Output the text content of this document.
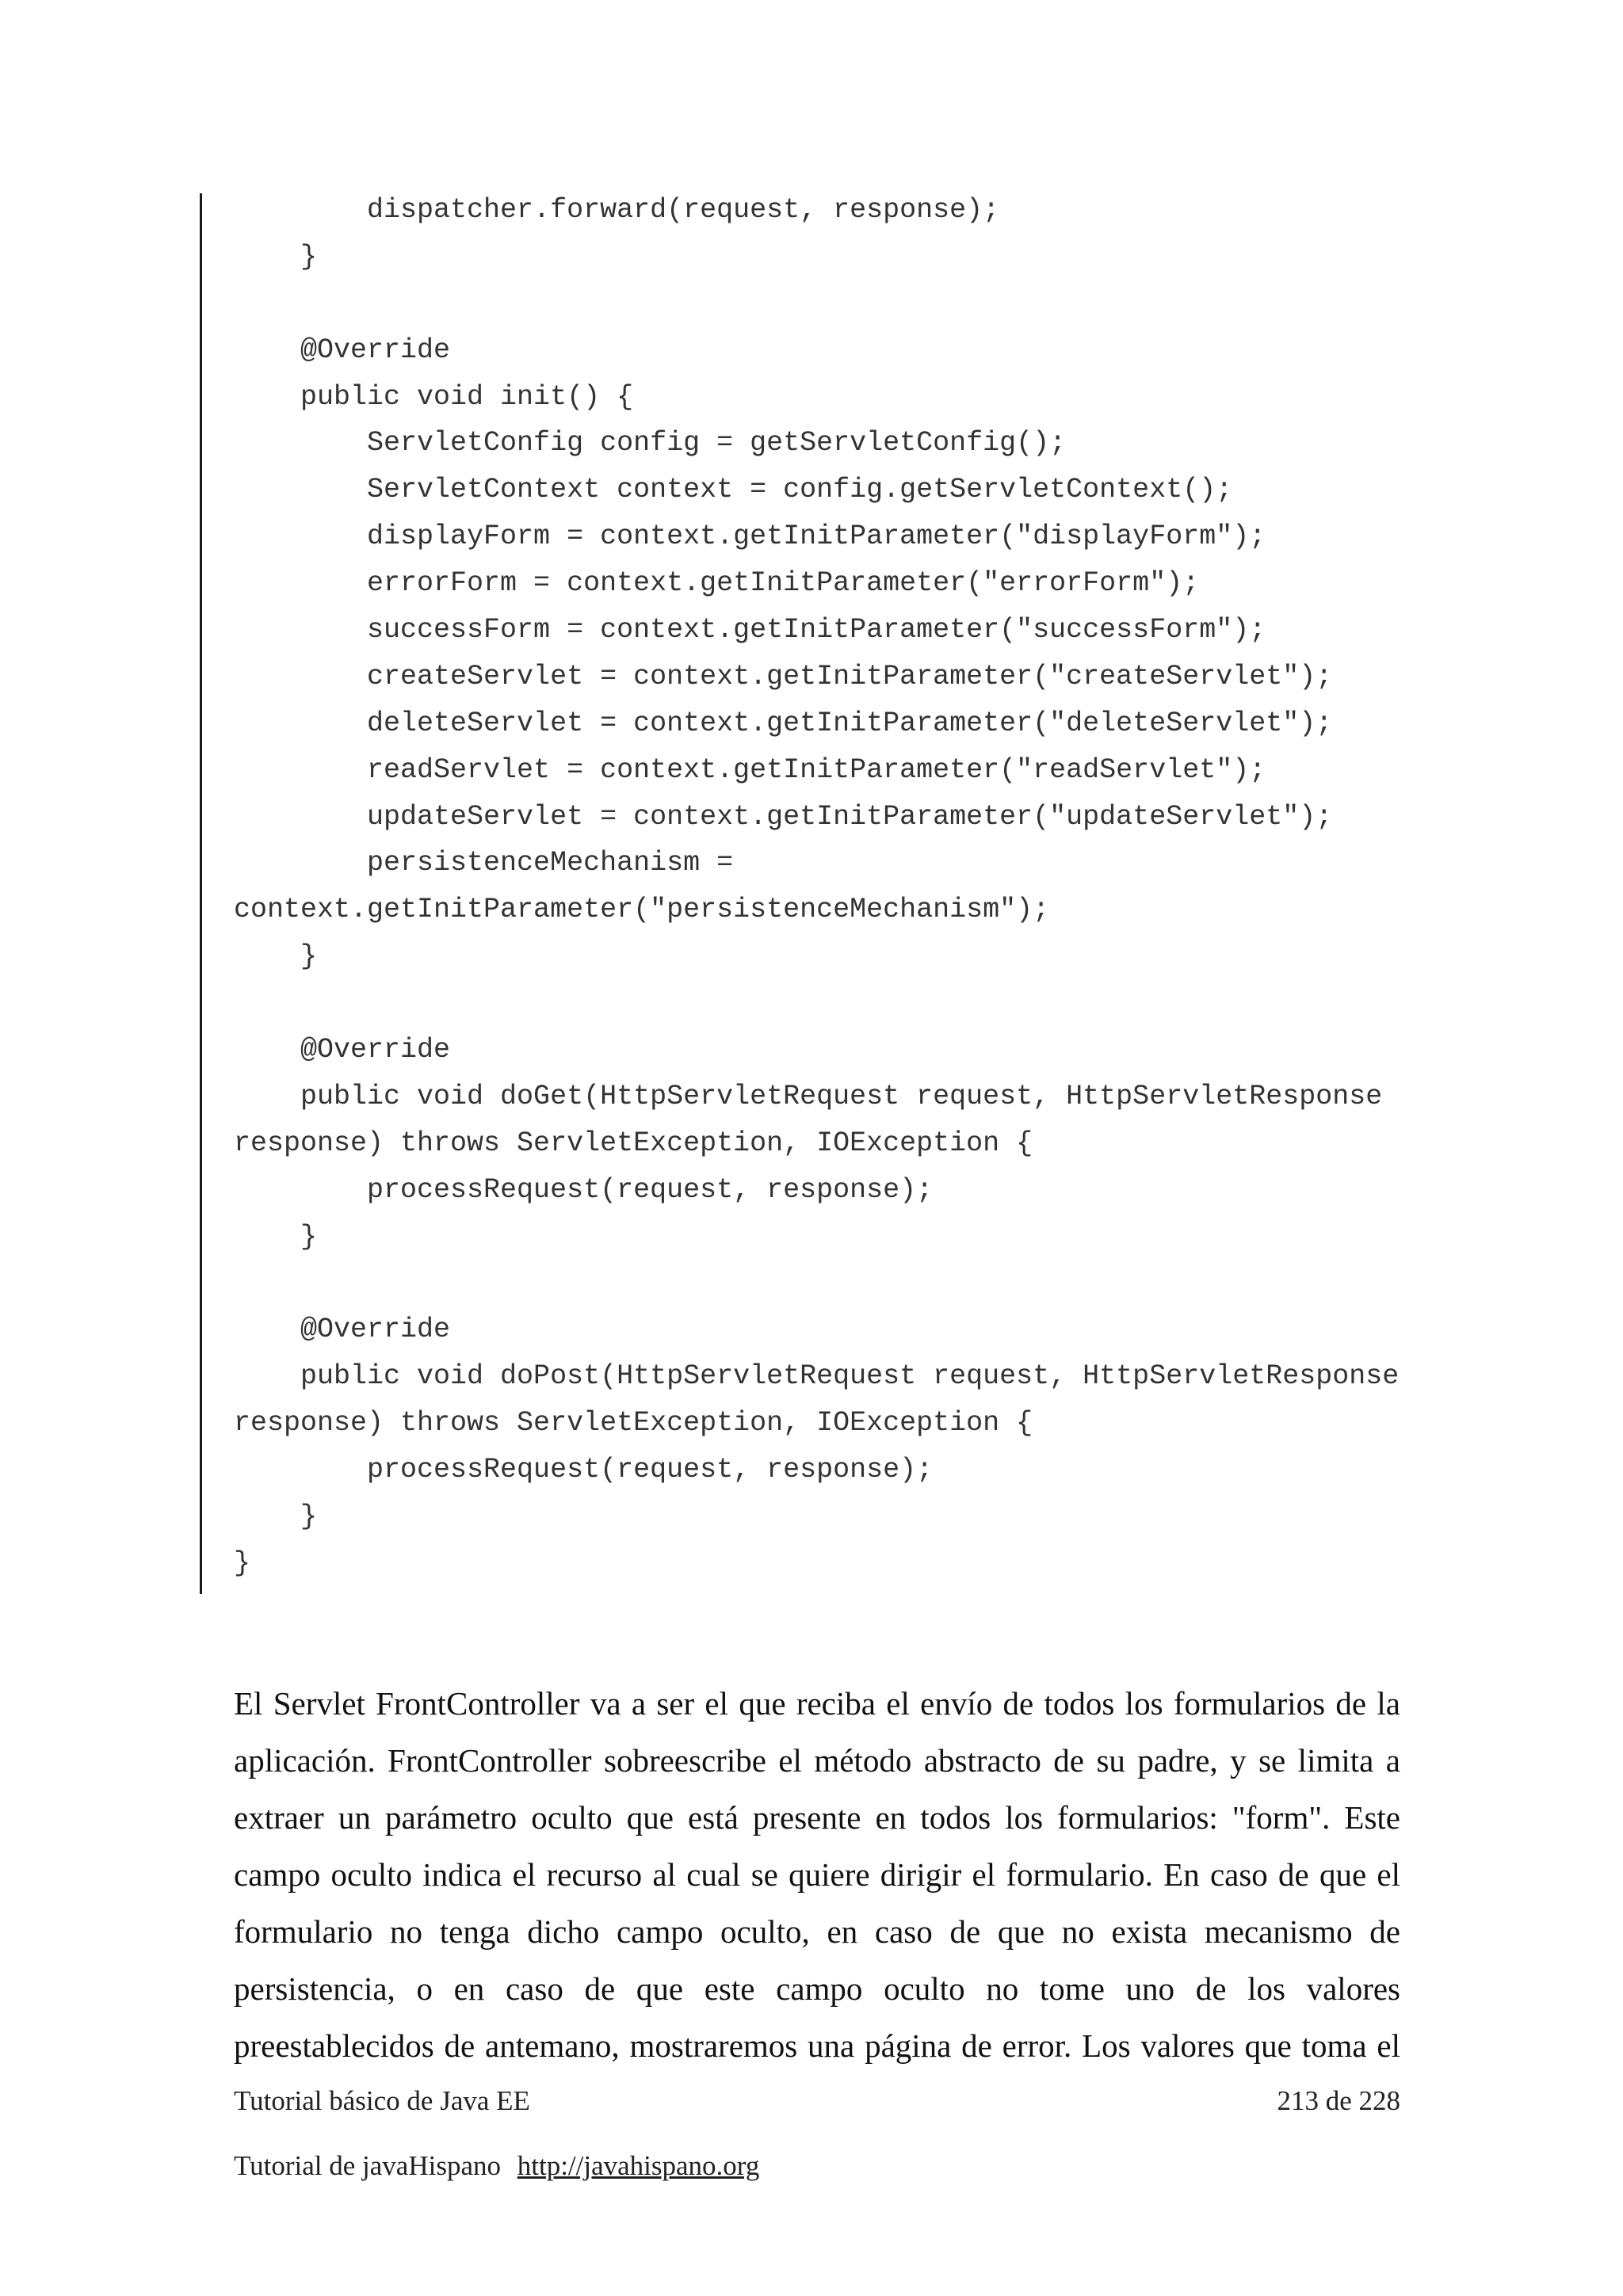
dispatcher.forward(request, response);
}
@Override
public void init() {
ServletConfig config = getServletConfig();
ServletContext context = config.getServletContext();
displayForm = context.getInitParameter("displayForm");
errorForm = context.getInitParameter("errorForm");
successForm = context.getInitParameter("successForm");
createServlet = context.getInitParameter("createServlet");
deleteServlet = context.getInitParameter("deleteServlet");
readServlet = context.getInitParameter("readServlet");
updateServlet = context.getInitParameter("updateServlet");
persistenceMechanism =
context.getInitParameter("persistenceMechanism");
}
@Override
public void doGet(HttpServletRequest request, HttpServletResponse
response) throws ServletException, IOException {
processRequest(request, response);
}
@Override
public void doPost(HttpServletRequest request, HttpServletResponse
response) throws ServletException, IOException {
processRequest(request, response);
}
}
El Servlet FrontController va a ser el que reciba el envío de todos los formularios de la
aplicación. FrontController sobreescribe el método abstracto de su padre, y se limita a
extraer un parámetro oculto que está presente en todos los formularios: "form". Este
campo oculto indica el recurso al cual se quiere dirigir el formulario. En caso de que el
formulario no tenga dicho campo oculto, en caso de que no exista mecanismo de
persistencia, o en caso de que este campo oculto no tome uno de los valores
preestablecidos de antemano, mostraremos una página de error. Los valores que toma el
Tutorial básico de Java EE	213 de 228
Tutorial de javaHispano http://javahispano.org
